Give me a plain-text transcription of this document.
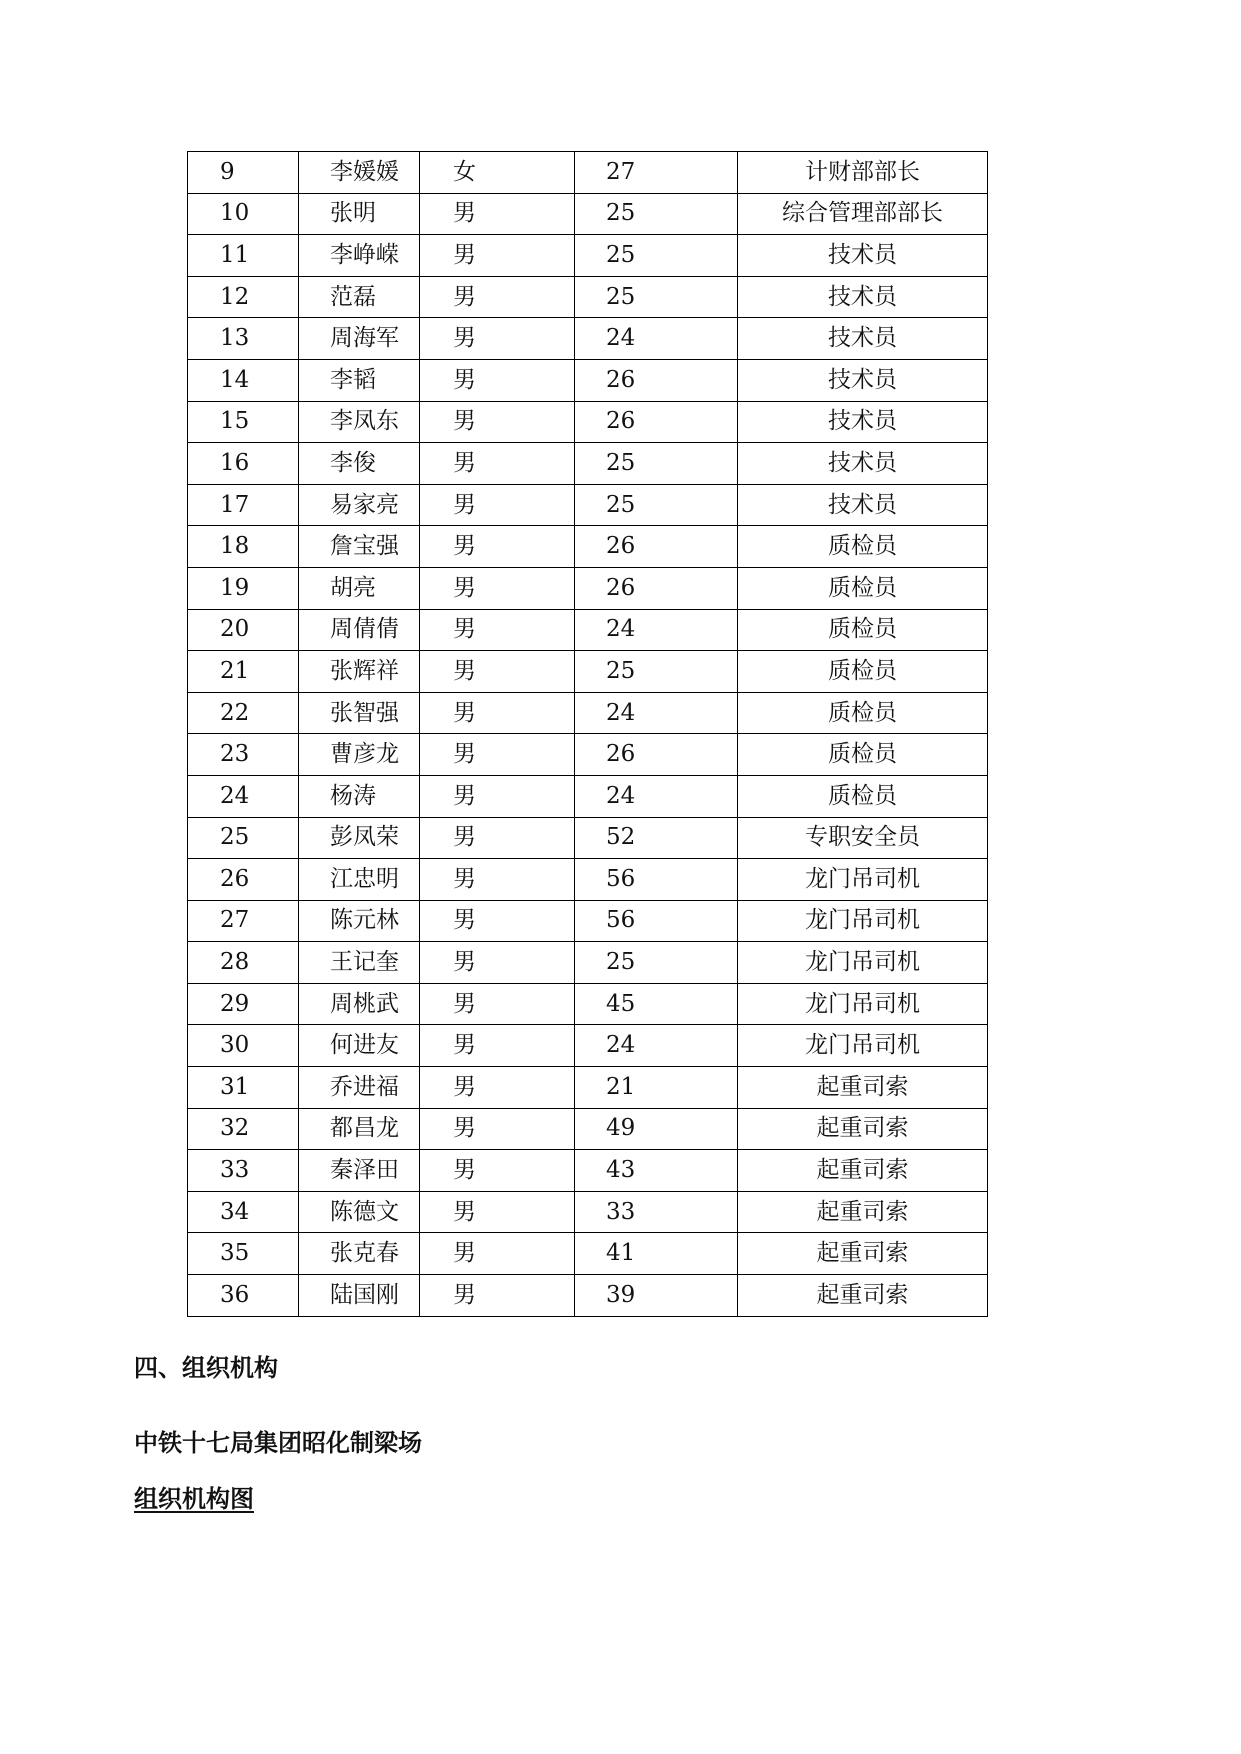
9	李媛媛	女	27	计财部部长
10	张明	男	25	综合管理部部长
11	李峥嵘	男	25	技术员
12	范磊	男	25	技术员
13	周海军	男	24	技术员
14	李韬	男	26	技术员
15	李凤东	男	26	技术员
16	李俊	男	25	技术员
17	易家亮	男	25	技术员
18	詹宝强	男	26	质检员
19	胡亮	男	26	质检员
20	周倩倩	男	24	质检员
21	张辉祥	男	25	质检员
22	张智强	男	24	质检员
23	曹彦龙	男	26	质检员
24	杨涛	男	24	质检员
25	彭凤荣	男	52	专职安全员
26	江忠明	男	56	龙门吊司机
27	陈元林	男	56	龙门吊司机
28	王记奎	男	25	龙门吊司机
29	周桃武	男	45	龙门吊司机
30	何进友	男	24	龙门吊司机
31	乔进福	男	21	起重司索
32	都昌龙	男	49	起重司索
33	秦泽田	男	43	起重司索
34	陈德文	男	33	起重司索
35	张克春	男	41	起重司索
36	陆国刚	男	39	起重司索
四、组织机构
中铁十七局集团昭化制梁场
组织机构图
